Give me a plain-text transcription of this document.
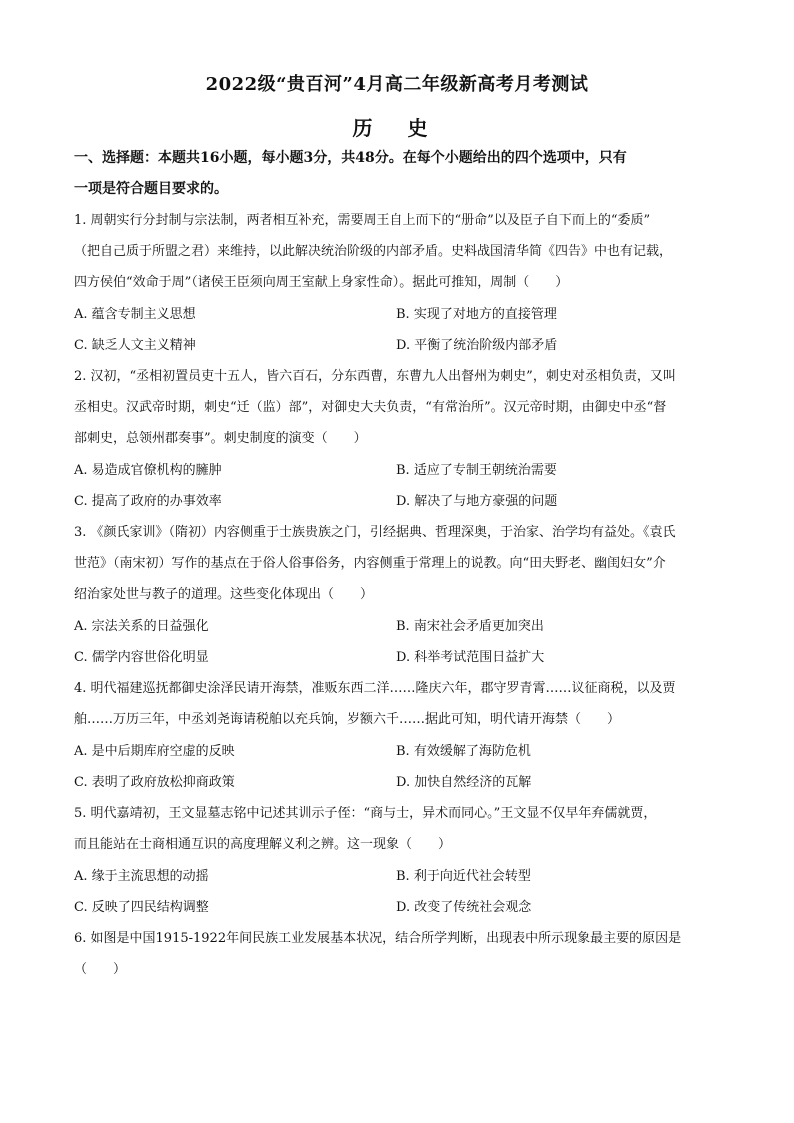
2022级“贵百河”4月高二年级新高考月考测试
历 史
一、选择题：本题共16小题，每小题3分，共48分。在每个小题给出的四个选项中，只有
一项是符合题目要求的。
1. 周朝实行分封制与宗法制，两者相互补充，需要周王自上而下的“册命”以及臣子自下而上的“委质”
（把自己质于所盟之君）来维持，以此解决统治阶级的内部矛盾。史料战国清华简《四告》中也有记载，
四方侯伯“效命于周”（诸侯王臣须向周王室献上身家性命）。据此可推知，周制（　　）
A. 蕴含专制主义思想	B. 实现了对地方的直接管理
C. 缺乏人文主义精神	D. 平衡了统治阶级内部矛盾
2. 汉初，“丞相初置员吏十五人，皆六百石，分东西曹，东曹九人出督州为刺史”，刺史对丞相负责，又叫
丞相史。汉武帝时期，刺史“迁（监）部”，对御史大夫负责，“有常治所”。汉元帝时期，由御史中丞“督
部刺史，总领州郡奏事”。刺史制度的演变（　　）
A. 易造成官僚机构的臃肿	B. 适应了专制王朝统治需要
C. 提高了政府的办事效率	D. 解决了与地方豪强的问题
3. 《颜氏家训》（隋初）内容侧重于士族贵族之门，引经据典、哲理深奥，于治家、治学均有益处。《袁氏
世范》（南宋初）写作的基点在于俗人俗事俗务，内容侧重于常理上的说教。向“田夫野老、幽闺妇女”介
绍治家处世与教子的道理。这些变化体现出（　　）
A. 宗法关系的日益强化	B. 南宋社会矛盾更加突出
C. 儒学内容世俗化明显	D. 科举考试范围日益扩大
4. 明代福建巡抚都御史涂泽民请开海禁，准贩东西二洋……隆庆六年，郡守罗青霄……议征商税，以及贾
舶……万历三年，中丞刘尧诲请税舶以充兵饷，岁额六千……据此可知，明代请开海禁（　　）
A. 是中后期库府空虚的反映	B. 有效缓解了海防危机
C. 表明了政府放松抑商政策	D. 加快自然经济的瓦解
5. 明代嘉靖初，王文显墓志铭中记述其训示子侄：“商与士，异术而同心。”王文显不仅早年弃儒就贾，
而且能站在士商相通互识的高度理解义利之辨。这一现象（　　）
A. 缘于主流思想的动摇	B. 利于向近代社会转型
C. 反映了四民结构调整	D. 改变了传统社会观念
6. 如图是中国1915-1922年间民族工业发展基本状况，结合所学判断，出现表中所示现象最主要的原因是
（　　）
